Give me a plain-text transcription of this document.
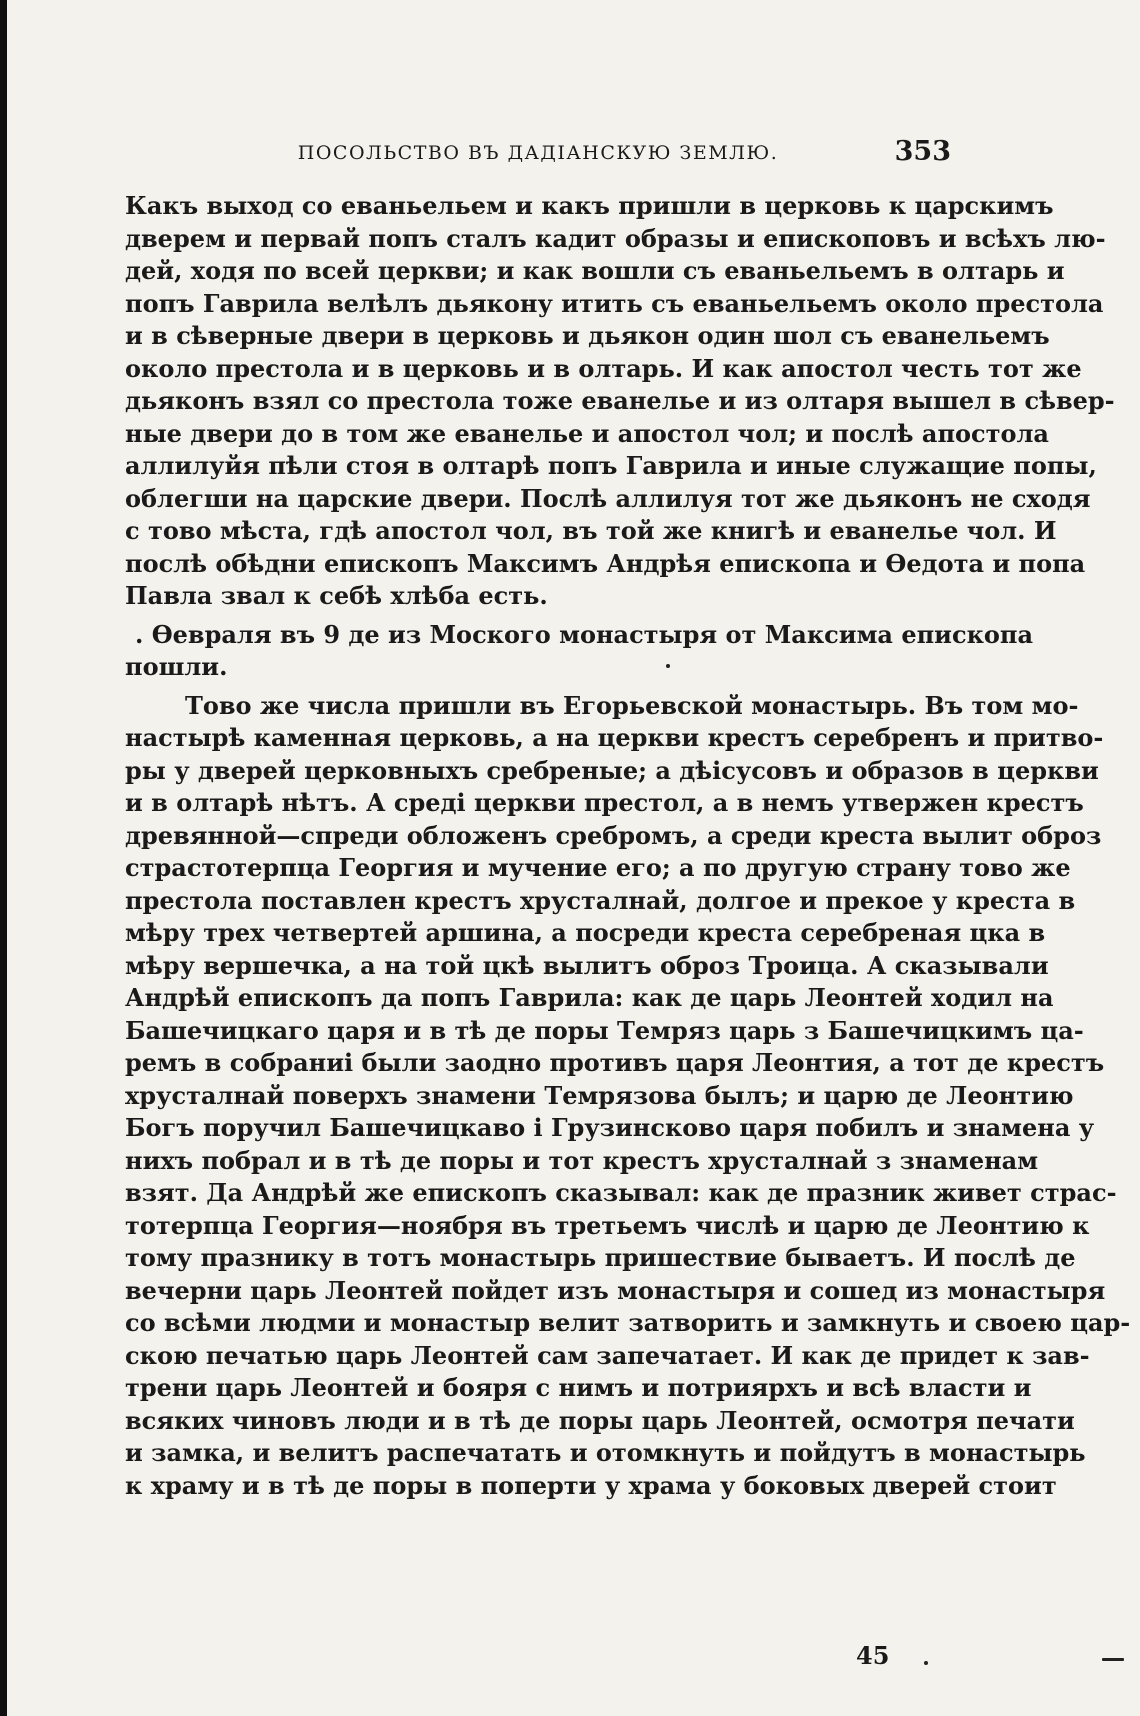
ПОСОЛЬСТВО ВЪ ДАДІАНСКУЮ ЗЕМЛЮ.	353
Какъ выход со еваньельем и какъ пришли в церковь к царскимъ
дверем и первай попъ сталъ кадит образы и епископовъ и всѣхъ лю-
дей, ходя по всей церкви; и как вошли съ еваньельемъ в олтарь и
попъ Гаврила велѣлъ дьякону итить съ еваньельемъ около престола
и в сѣверные двери в церковь и дьякон один шол съ еванельемъ
около престола и в церковь и в олтарь. И как апостол честь тот же
дьяконъ взял со престола тоже еванелье и из олтаря вышел в сѣвер-
ные двери до в том же еванелье и апостол чол; и послѣ апостола
аллилуйя пѣли стоя в олтарѣ попъ Гаврила и иные служащие попы,
облегши на царские двери. Послѣ аллилуя тот же дьяконъ не сходя
с тово мѣста, гдѣ апостол чол, въ той же книгѣ и еванелье чол. И
послѣ обѣдни епископъ Максимъ Андрѣя епископа и Ѳедота и попа
Павла звал к себѣ хлѣба есть.
. Ѳевраля въ 9 де из Моского монастыря от Максима епископа
пошли.
Тово же числа пришли въ Егорьевской монастырь. Въ том мо-
настырѣ каменная церковь, а на церкви крестъ серебренъ и притво-
ры у дверей церковныхъ сребреные; а дѣісусовъ и образов в церкви
и в олтарѣ нѣтъ. А среді церкви престол, а в немъ утвержен крестъ
древянной—спреди обложенъ сребромъ, а среди креста вылит оброз
страстотерпца Георгия и мучение его; а по другую страну тово же
престола поставлен крестъ хрусталнай, долгое и прекое у креста в
мѣру трех четвертей аршина, а посреди креста серебреная цка в
мѣру вершечка, а на той цкѣ вылитъ оброз Троица. А сказывали
Андрѣй епископъ да попъ Гаврила: как де царь Леонтей ходил на
Башечицкаго царя и в тѣ де поры Темряз царь з Башечицкимъ ца-
ремъ в собраниі были заодно противъ царя Леонтия, а тот де крестъ
хрусталнай поверхъ знамени Темрязова былъ; и царю де Леонтию
Богъ поручил Башечицкаво і Грузинсково царя побилъ и знамена у
нихъ побрал и в тѣ де поры и тот крестъ хрусталнай з знаменам
взят. Да Андрѣй же епископъ сказывал: как де празник живет страс-
тотерпца Георгия—ноября въ третьемъ числѣ и царю де Леонтию к
тому празнику в тотъ монастырь пришествие бываетъ. И послѣ де
вечерни царь Леонтей пойдет изъ монастыря и сошед из монастыря
со всѣми людми и монастыр велит затворить и замкнуть и своею цар-
скою печатью царь Леонтей сам запечатает. И как де придет к зав-
трени царь Леонтей и бояря с нимъ и потриярхъ и всѣ власти и
всяких чиновъ люди и в тѣ де поры царь Леонтей, осмотря печати
и замка, и велитъ распечатать и отомкнуть и пойдутъ в монастырь
к храму и в тѣ де поры в поперти у храма у боковых дверей стоит
45
